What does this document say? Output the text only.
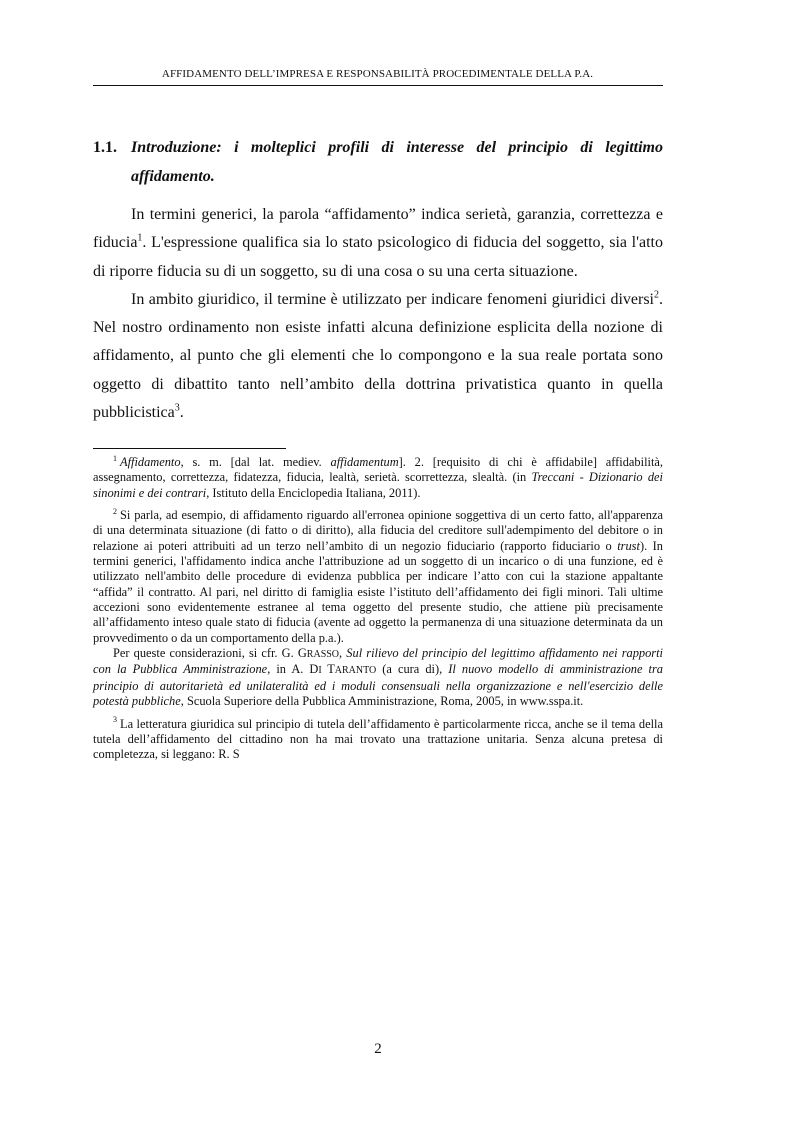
AFFIDAMENTO DELL’IMPRESA E RESPONSABILITÀ PROCEDIMENTALE DELLA P.A.
1.1. Introduzione: i molteplici profili di interesse del principio di legittimo
affidamento.

In termini generici, la parola “affidamento” indica serietà, garanzia, correttezza e fiducia$^1$. L'espressione qualifica sia lo stato psicologico di fiducia del soggetto, sia l'atto di riporre fiducia su di un soggetto, su di una cosa o su una certa situazione.

In ambito giuridico, il termine è utilizzato per indicare fenomeni giuridici diversi$^2$. Nel nostro ordinamento non esiste infatti alcuna definizione esplicita della nozione di affidamento, al punto che gli elementi che lo compongono e la sua reale portata sono oggetto di dibattito tanto nell’ambito della dottrina privatistica quanto in quella pubblicistica$^3$.

$^1$ Affidamento, s. m. [dal lat. mediev. affidamentum]. 2. [requisito di chi è affidabile] affidabilità, assegnamento, correttezza, fidatezza, fiducia, lealtà, serietà. scorrettezza, slealtà. (in Treccani - Dizionario dei sinonimi e dei contrari, Istituto della Enciclopedia Italiana, 2011).

$^2$ Si parla, ad esempio, di affidamento riguardo all'erronea opinione soggettiva di un certo fatto, all'apparenza di una determinata situazione (di fatto o di diritto), alla fiducia del creditore sull'adempimento del debitore o in relazione ai poteri attribuiti ad un terzo nell’ambito di un negozio fiduciario (rapporto fiduciario o trust). In termini generici, l'affidamento indica anche l'attribuzione ad un soggetto di un incarico o di una funzione, ed è utilizzato nell'ambito delle procedure di evidenza pubblica per indicare l’atto con cui la stazione appaltante “affida” il contratto. Al pari, nel diritto di famiglia esiste l’istituto dell’affidamento dei figli minori. Tali ultime accezioni sono evidentemente estranee al tema oggetto del presente studio, che attiene più precisamente all’affidamento inteso quale stato di fiducia (avente ad oggetto la permanenza di una situazione determinata da un provvedimento o da un comportamento della p.a.).

Per queste considerazioni, si cfr. G. GRASSO, Sul rilievo del principio del legittimo affidamento nei rapporti con la Pubblica Amministrazione, in A. DI TARANTO (a cura di), Il nuovo modello di amministrazione tra principio di autoritarietà ed unilateralità ed i moduli consensuali nella organizzazione e nell'esercizio delle potestà pubbliche, Scuola Superiore della Pubblica Amministrazione, Roma, 2005, in www.sspa.it.

$^3$ La letteratura giuridica sul principio di tutela dell’affidamento è particolarmente ricca, anche se il tema della tutela dell’affidamento del cittadino non ha mai trovato una trattazione unitaria. Senza alcuna pretesa di completezza, si leggano: R. S

2
